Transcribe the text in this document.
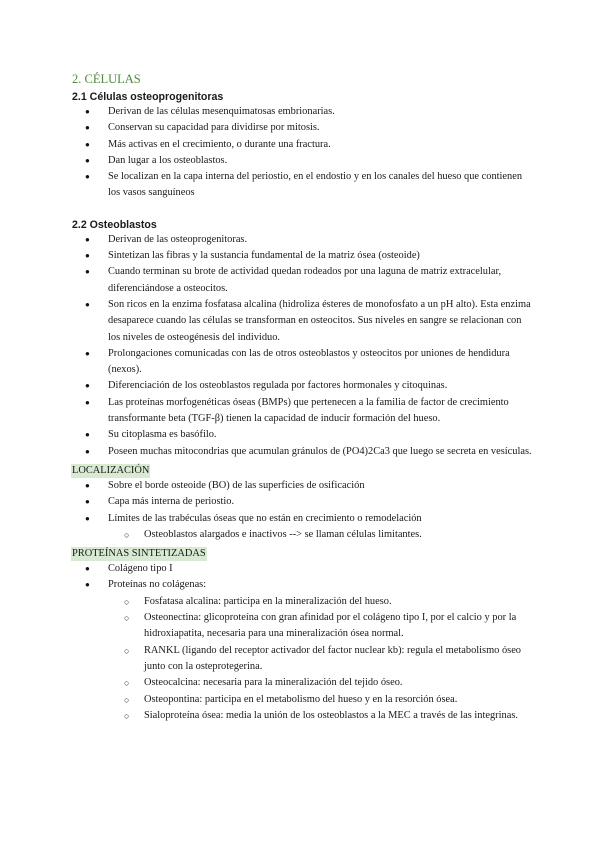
2. CÉLULAS
2.1 Células osteoprogenitoras
● Derivan de las células mesenquimatosas embrionarias.
● Conservan su capacidad para dividirse por mitosis.
● Más activas en el crecimiento, o durante una fractura.
● Dan lugar a los osteoblastos.
● Se localizan en la capa interna del periostio, en el endostio y en los canales del hueso que contienen los vasos sanguíneos
2.2 Osteoblastos
● Derivan de las osteoprogenitoras.
● Sintetizan las fibras y la sustancia fundamental de la matriz ósea (osteoide)
● Cuando terminan su brote de actividad quedan rodeados por una laguna de matriz extracelular, diferenciándose a osteocitos.
● Son ricos en la enzima fosfatasa alcalina (hidroliza ésteres de monofosfato a un pH alto). Esta enzima desaparece cuando las células se transforman en osteocitos. Sus niveles en sangre se relacionan con los niveles de osteogénesis del individuo.
● Prolongaciones comunicadas con las de otros osteoblastos y osteocitos por uniones de hendidura (nexos).
● Diferenciación de los osteoblastos regulada por factores hormonales y citoquinas.
● Las proteínas morfogenéticas óseas (BMPs) que pertenecen a la familia de factor de crecimiento transformante beta (TGF-β) tienen la capacidad de inducir formación del hueso.
● Su citoplasma es basófilo.
● Poseen muchas mitocondrias que acumulan gránulos de (PO4)2Ca3 que luego se secreta en vesículas.
LOCALIZACIÓN
● Sobre el borde osteoide (BO) de las superficies de osificación
● Capa más interna de periostio.
● Límites de las trabéculas óseas que no están en crecimiento o remodelación
○ Osteoblastos alargados e inactivos --> se llaman células limitantes.
PROTEÍNAS SINTETIZADAS
● Colágeno tipo I
● Proteínas no colágenas:
○ Fosfatasa alcalina: participa en la mineralización del hueso.
○ Osteonectina: glicoproteína con gran afinidad por el colágeno tipo I, por el calcio y por la hidroxiapatita, necesaria para una mineralización ósea normal.
○ RANKL (ligando del receptor activador del factor nuclear kb): regula el metabolismo óseo junto con la osteprotegerina.
○ Osteocalcina: necesaria para la mineralización del tejido óseo.
○ Osteopontina: participa en el metabolismo del hueso y en la resorción ósea.
○ Sialoproteína ósea: media la unión de los osteoblastos a la MEC a través de las integrinas.
